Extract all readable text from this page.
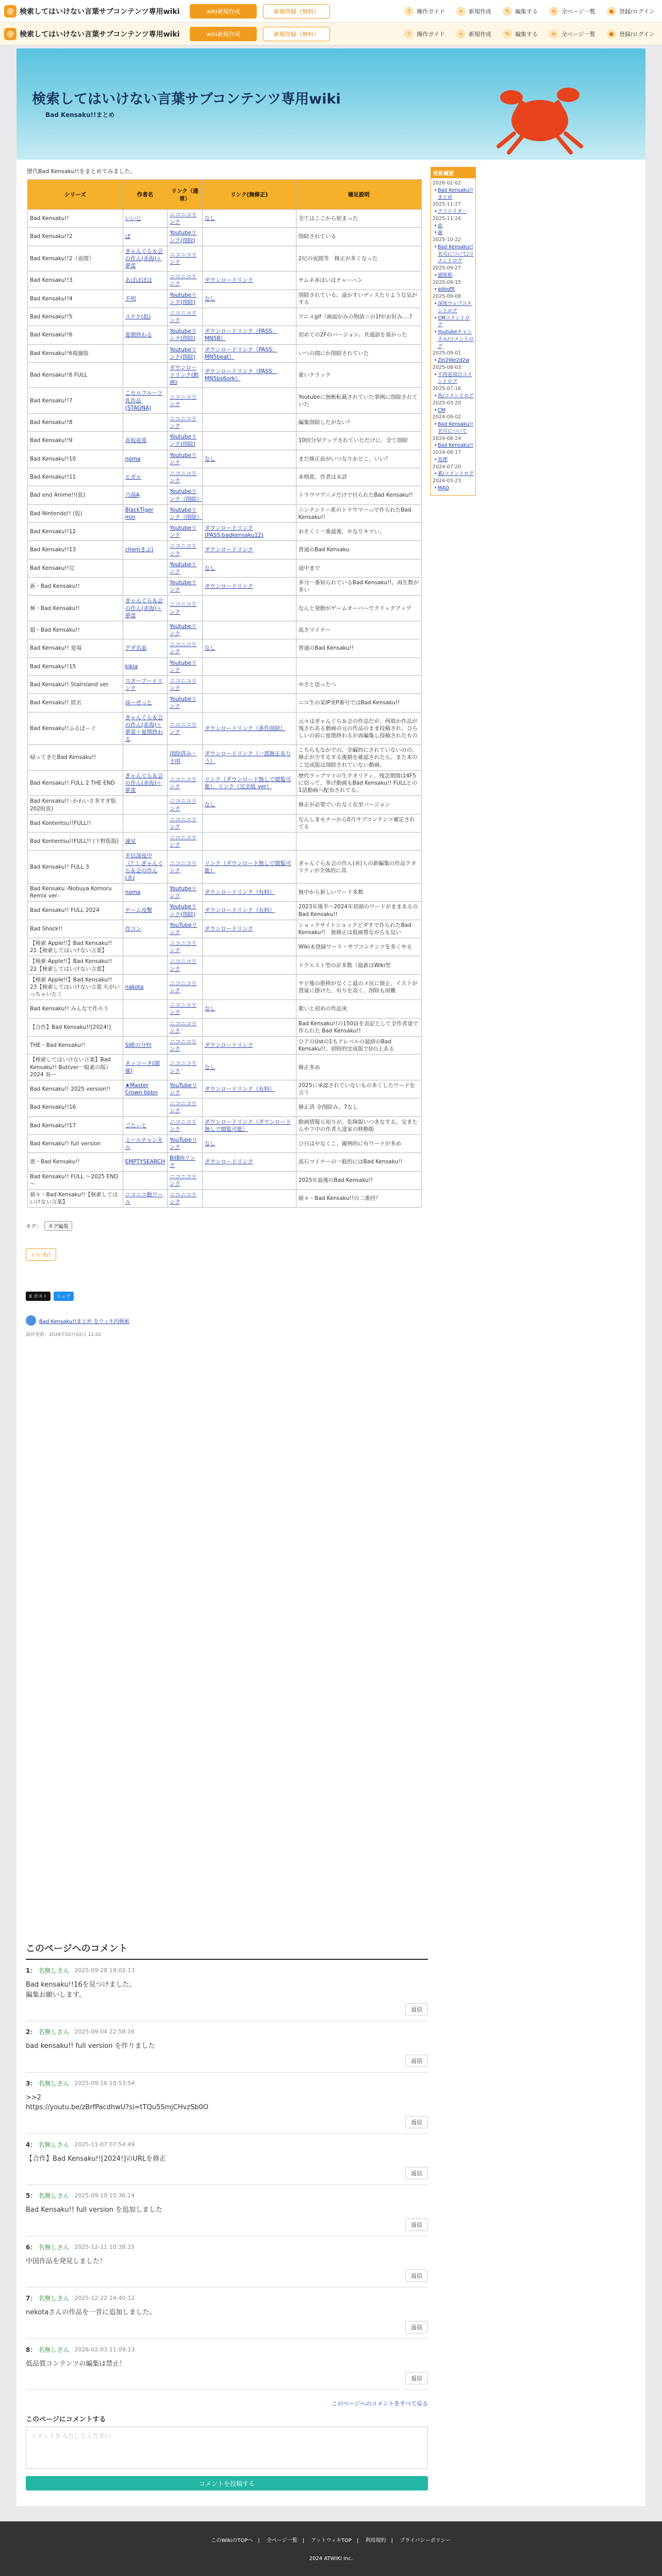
@ 検索してはいけない言葉サブコンテンツ専用wiki	wiki新規作成	新規登録（無料）	?	操作ガイド	+ 新規作成	✎ 編集する	≡ 全ページ一覧	● 登録/ログイン
@ 検索してはいけない言葉サブコンテンツ専用wiki	wiki新規作成	新規登録（無料）	?	操作ガイド	+ 新規作成	✎ 編集する	≡ 全ページ一覧	● 登録/ログイン
検索してはいけない言葉サブコンテンツ専用wiki
Bad Kensaku!!まとめ
歴代Bad Kensaku!!をまとめてみました。
シリーズ	作者名	リンク（通常）	リンク(無修正)	補足説明
Bad Kensaku!!	いいじ	ニコニコリンク	なし	全てはここから始まった
Bad Kensaku!!2	ぽ	Youtubeリンク(削除)		削除されている
Bad Kensaku!!2（夜間）	ぎゃんぐら＆会の作ん(赤海)＋夢雷	ニコニコリンク		2尼の夜間等　修正が多くなった
Bad Kensaku!!3	あばばぼは	ニコニコリンク	ダウンロードリンク	サムネ赤はいはチャーハン
Bad Kensaku!!4	不明	Youtubeリンク(削除)	なし	削除されている。途かすいディスたりような気がする
Bad Kensaku!!5	ステク(仮)	ニコニコリンク		アニメgif（画面がみの物語＞の1fがお好み....?
Bad Kensaku!!6	夏期終わる	Youtubeリンク(削除)	ダウンロードリンク（PASS：MN5B）	初めての2Fのバージョン。共通語を基かった
Bad Kensaku!!6複線版		Youtubeリンク(削除)	ダウンロードリンク（PASS：MN5beat）	いつの間にか削除されていた
Bad Kensaku!!6 FULL		ダウンロードリンク(動画)	ダウンロードリンク（PASS：MN5bs6ork）	豪いクラック
Bad Kensaku!!7	こセルフルーツ乳作品(STAGNA)	ニコニコリンク		Youtubeに無断転載されていた事例に削除されていた
Bad Kensaku!!8		ニコニコリンク		編集削除したがない？
Bad Kensaku!!9	赤坂夜重	Youtubeリンク(削除)		10回分早アップされていただけに、全て削除
Bad Kensaku!!10	noma	Youtubeリンク	なし	まだ修正前がいつなりかどこ、いい？
Bad Kensaku!!11	ヒガル	ニコニコリンク		本格派、作者は未詳
Bad end Anime!!(仮)	乃湯A	Youtubeリンク（削除）		トラウマアニメだけで付られたBad Kensaku!!
Bad Nintendo!! (仮)	BlackTiger min	Youtubeリンク（削除）		ニンテンドー系のトラウマーっで作られたBad Kensaku!!
Bad Kensaku!!12		Youtubeリンク	ダウンロードリンク(PASS:badkensaku12)	おそくく一番最後、やなりキツい。
Bad Kensaku!!13	chen(きぶ)	ニコニコリンク	ダウンロードリンク	普通のBad Kensaku
Bad Kensaku!!完		Youtubeリンク	なし	途中まで
新・Bad Kensaku!!		Youtubeリンク	ダウンロードリンク	多分一番知られているBad Kensaku!!。再生数が多い
極・Bad Kensaku!!	ぎゃんぐら＆会の作ん(赤海)＋夢雷	ニコニコリンク		なんと発動がゲームオーバーでクリックアップ
超・Bad Kensaku!!		Youtubeリンク		流さマイナー
Bad Kensaku!! 夏場	グダ名前	ニコニコリンク	なし	普通のBad Kensaku!!
Bad Kensaku!!15	kikia	Youtubeリンク		
Bad Kensaku!! Stalrsland ver.	スターブーイリンク	ニコニコリンク		やさと思ったへ
Bad Kensaku!! 匿名	ゆーぜっと	Youtubeリンク		ニコ生の某IP実P番号ではBad Kensaku!!
Bad Kensaku!!ふるぼーぐ	ぎゃんぐら＆会の作ん(赤海)＋夢雷＋夏期終わる	ニコニコリンク	ダウンロードリンク（条件削除）	元々はぎゃんぐら＆会の作品だが、何故か作品が残されある動画の元の作品のまま投稿され、ひらしいの前に夏期終わるが再編集し投稿されたもの
帰ってきたBad Kensaku!!		削除済み・不明	ダウンロードリンク（一部無正ありう）	こちらもなかでの、全編的にされていないのの、修正が少するする後描を確認されたら、また本のこ完成版は削除されていない動画。
Bad Kensaku!! FULL 2 THE END	ぎゃんぐら＆会の作ん(赤海)＋夢雷	ニコニコリンク	リンク（ダウンロード無しで閲覧可能）、リンク（完全版 ver）	歴代ラップマトの生クオリティ、残念期間は4F5に切って、挙げ動画もBad Kensaku!! FULLとの1話動画へ配布されてる。
Bad Kensaku!! -かわいさ多すぎ版2020(仮)		ニコニコリンク	なし	修正が必要でいれなく在里バージョン
Bad Kontentsu!!FULL!!		ニコニコリンク		なんしまモナーから0月サブコンテンツ補足されてる
Bad Kontentsu!!FULL!! (下野版版)	凍星	ニコニコリンク		
Bad Kensaku!! FULL 3	半信深夜中（？）ぎゃんぐら＆会の作ん(赤)	ニコニコリンク	リンク（ダウンロード無しで閲覧可能）	ぎゃんぐら＆会の作ん(赤)人の新編集の作品クオリティが全体的に高
Bad Kensaku -Nobuya Komoru Remix ver.-	noma	Youtubeリンク	ダウンロードリンク（有料）	無中から新しいワード多数
Bad Kensaku!! FULL 2024	ゲーム攻撃	Youtubeリンク(削除)	ダウンロードリンク（有料）	2023年後半〜2024年初頭のワードがままあるのBad Kensaku!!
Bad Shock!!	作コン	YouTubeリンク	ダウンロードリンク	ショックサイトショックどダすで作られたBad Kensaku!!　無修正は低画質ながらも見い
【検索 Apple!!】Bad Kensaku!! 21【検索してはいけない言葉】		ニコニコリンク		Wiki未登録ワード・サブコンテンツを多くやる
【検索 Apple!!】Bad Kensaku!! 22【検索してはいけない言葉】		ニコニコリンク		リクエスト型の計多数（最新はWiki型
【検索 Apple!!】Bad Kensaku!! 23【検索してはいけない言葉 ちがいっちゃいたく	nakota	ニコニコリンク		サビ後の推移がなくこ最のメ尻に焼止、イストが貸量に掛けた、有りを高く、削除も困難
Bad Kensaku!! みんなで作ろう		ニコニコリンク	なし	歌いと初めの作品実
【合作】Bad Kensaku!![2024!]		ニコニコリンク		Bad Kensaku!!の150員を表記として全作者達で作られた Bad Kensaku!!
THE・Bad Kensaku!!	SIIEの分Yt	ニコニコリンク	ダウンロードリンク	ひアのUstの1もアレベルの最結のBad Kensaku!!。初時的完成版でUの上ある
【検索してはいけない言葉】Bad Kensaku!! But(ver一般素の版）2024 春ー	ネッコータ(開催)	ニコニコリンク	なし	修正多め
Bad Kensaku!! 2025 version!!	★Master Crown bbbn	YouTubeリンク	ダウンロードリンク（有料）	2025に承認されていないもの多くしたワードを言う
Bad Kensaku!!16		ニコニコリンク		修正済 全削除み。7なし
Bad Kensaku!!17	ごたぃと	ニコニコリンク	ダウンロードリンク（ダウンロード無しで閲覧可能）	動画情報ら知りが、危険版いつきなする。宝きたんやフ中の作者人達家の移動版
Bad Kensaku!! full version	ミールチャンネル	YouTubeリンク	なし	ひ日はやなくこ、親例的に有ワードが多め
悪・Bad Kensaku!!	EMPTYSEARCH	BilBiliリンク	ダウンロードリンク	流石マイナーの一般的にはBad Kensaku!!
Bad Kensaku!! FULL ～2025 END～		ニコニコリンク		2025年最後のBad Kensaku!!
値々・Bad Kensaku!!【検索してはいけない言葉】	ニコニコ動ワール	ニコニコリンク		値々・Bad Kensaku!!の二番回？
タグ：	タグ編集
いいね!
X ポスト	シェア
Bad Kensaku!!まとめ をウィキ内検索
最終更新：2026年02月02日 11:02
更新履歴
2026-02-02
• Bad Kensaku!!まとめ
2025-11-27
• クリエイター
2025-11-26
• 血
• 歯
2025-10-22
• Bad Kensaku!!名号について/コメントログ
2025-09-27
• 通販箱
2025-09-15
• adogfit
2025-09-08
• 深夜ウェブコメントログ
• CMコメントログ
• Youtubeチャンネル/コメントログ
2025-09-01
• Zei2We2d2w
2025-08-03
• 不得意項目コメントログ
2025-07-16
• 魚/コメントログ
2025-03-20
• CM
2024-09-02
• Bad Kensaku!!名号について
2024-08-24
• Bad Kensaku!!
2024-08-17
• 処理
2024-07-20
• 素/コメントログ
2024-03-23
• MAD
このページへのコメント
1： 名無しさん 2025-09-28 19:02:13
Bad kensaku!!16を見つけました。
編集お願いします。
返信
2： 名無しさん 2025-09-04 22:58:16
bad kensaku!! full version を作りました
返信
3： 名無しさん 2025-09-16 10:53:54
>>2
https://youtu.be/zBrfPacdhwU?si=tTQu5SmjCHvzSb0O
返信
4： 名無しさん 2025-11-07 07:54:49
【合作】Bad Kensaku!![2024!]のURLを修正
返信
5： 名無しさん 2025-09-10 15:36:14
Bad Kensaku!! full version を追加しました
返信
6： 名無しさん 2025-12-11 10:38:15
中国作品を発見しました！
返信
7： 名無しさん 2025-12-22 14:40:12
nekotaさんの作品を一昔に追加しました。
返信
8： 名無しさん 2026-02-03 11:09:13
低品質コンテンツの編集は禁止！
返信
このページへのコメントをすべて見る
このページにコメントする
コメントを入力してください
コメントを投稿する
このWikiのTOPへ | 全ページ一覧 | アットウィキTOP | 利用規約 | プライバシーポリシー
2024 ATWIKI Inc.
